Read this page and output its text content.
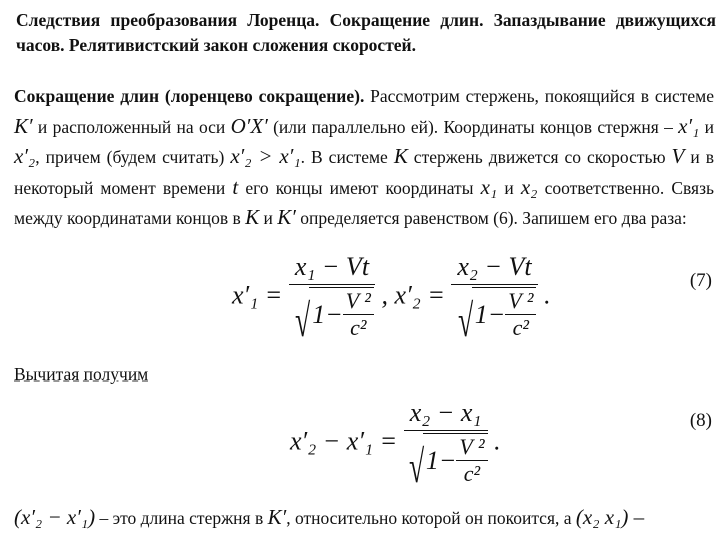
Следствия преобразования Лоренца. Сокращение длин. Запаздывание движущихся часов. Релятивистский закон сложения скоростей.
Сокращение длин (лоренцево сокращение). Рассмотрим стержень, покоящийся в системе K′ и расположенный на оси O′X′ (или параллельно ей). Координаты концов стержня – x′₁ и x′₂, причем (будем считать) x′₂ > x′₁. В системе K стержень движется со скоростью V и в некоторый момент времени t его концы имеют координаты x₁ и x₂ соответственно. Связь между координатами концов в K и K′ определяется равенством (6). Запишем его два раза:
x′₁ =
x₁ − Vt
√ $1- \frac{\text{V ²}}{\text{c²}}$ , x′₂ =
x₂ − Vt
√ $1- \frac{\text{V ²}}{\text{c²}}$ .	(7)
Вычитая получим
x′₂ − x′₁ =
x₂ − x₁
√ $1- \frac{\text{V ²}}{\text{c²}}$ .
(8)
(x′₂ − x′₁) – это длина стержня в K′, относительно которой он покоится, а (x₂ x₁) –
